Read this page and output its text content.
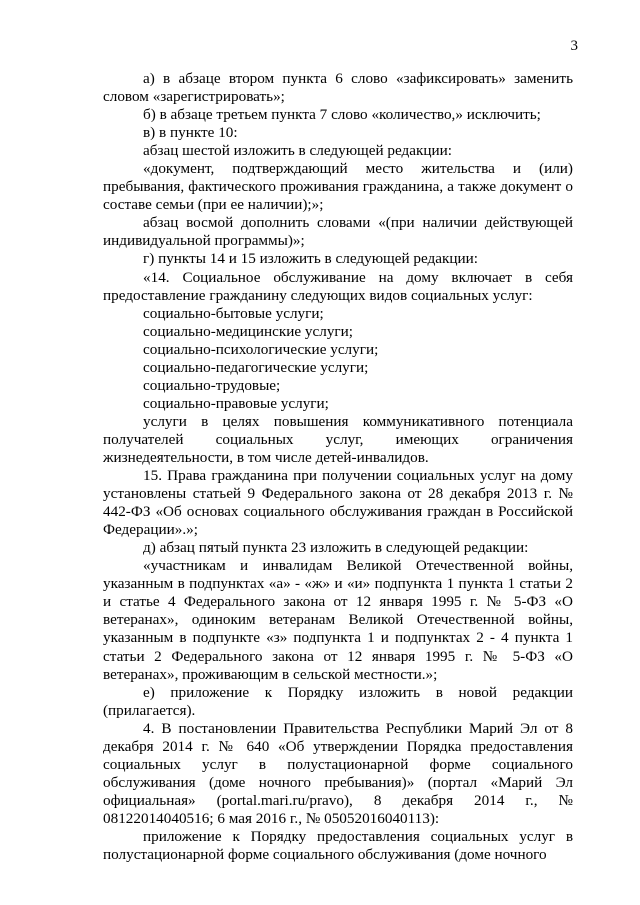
3

а) в абзаце втором пункта 6 слово «зафиксировать» заменить словом «зарегистрировать»;

б) в абзаце третьем пункта 7 слово «количество,» исключить;

в) в пункте 10:

абзац шестой изложить в следующей редакции:

«документ, подтверждающий место жительства и (или) пребывания, фактического проживания гражданина, а также документ о составе семьи (при ее наличии);»;

абзац восмой дополнить словами «(при наличии действующей индивидуальной программы)»;

г) пункты 14 и 15 изложить в следующей редакции:

«14. Социальное обслуживание на дому включает в себя предоставление гражданину следующих видов социальных услуг:

социально-бытовые услуги;

социально-медицинские услуги;

социально-психологические услуги;

социально-педагогические услуги;

социально-трудовые;

социально-правовые услуги;

услуги в целях повышения коммуникативного потенциала получателей социальных услуг, имеющих ограничения жизнедеятельности, в том числе детей-инвалидов.

15. Права гражданина при получении социальных услуг на дому установлены статьей 9 Федерального закона от 28 декабря 2013 г. № 442-ФЗ «Об основах социального обслуживания граждан в Российской Федерации».»;

д) абзац пятый пункта 23 изложить в следующей редакции:

«участникам и инвалидам Великой Отечественной войны, указанным в подпунктах «а» - «ж» и «и» подпункта 1 пункта 1 статьи 2 и статье 4 Федерального закона от 12 января 1995 г. № 5-ФЗ «О ветеранах», одиноким ветеранам Великой Отечественной войны, указанным в подпункте «з» подпункта 1 и подпунктах 2 - 4 пункта 1 статьи 2 Федерального закона от 12 января 1995 г. № 5-ФЗ «О ветеранах», проживающим в сельской местности.»;

е) приложение к Порядку изложить в новой редакции (прилагается).

4. В постановлении Правительства Республики Марий Эл от 8 декабря 2014 г. № 640 «Об утверждении Порядка предоставления социальных услуг в полустационарной форме социального обслуживания (доме ночного пребывания)» (портал «Марий Эл официальная» (portal.mari.ru/pravo), 8 декабря 2014 г., № 08122014040516; 6 мая 2016 г., № 05052016040113):

приложение к Порядку предоставления социальных услуг в полустационарной форме социального обслуживания (доме ночного
